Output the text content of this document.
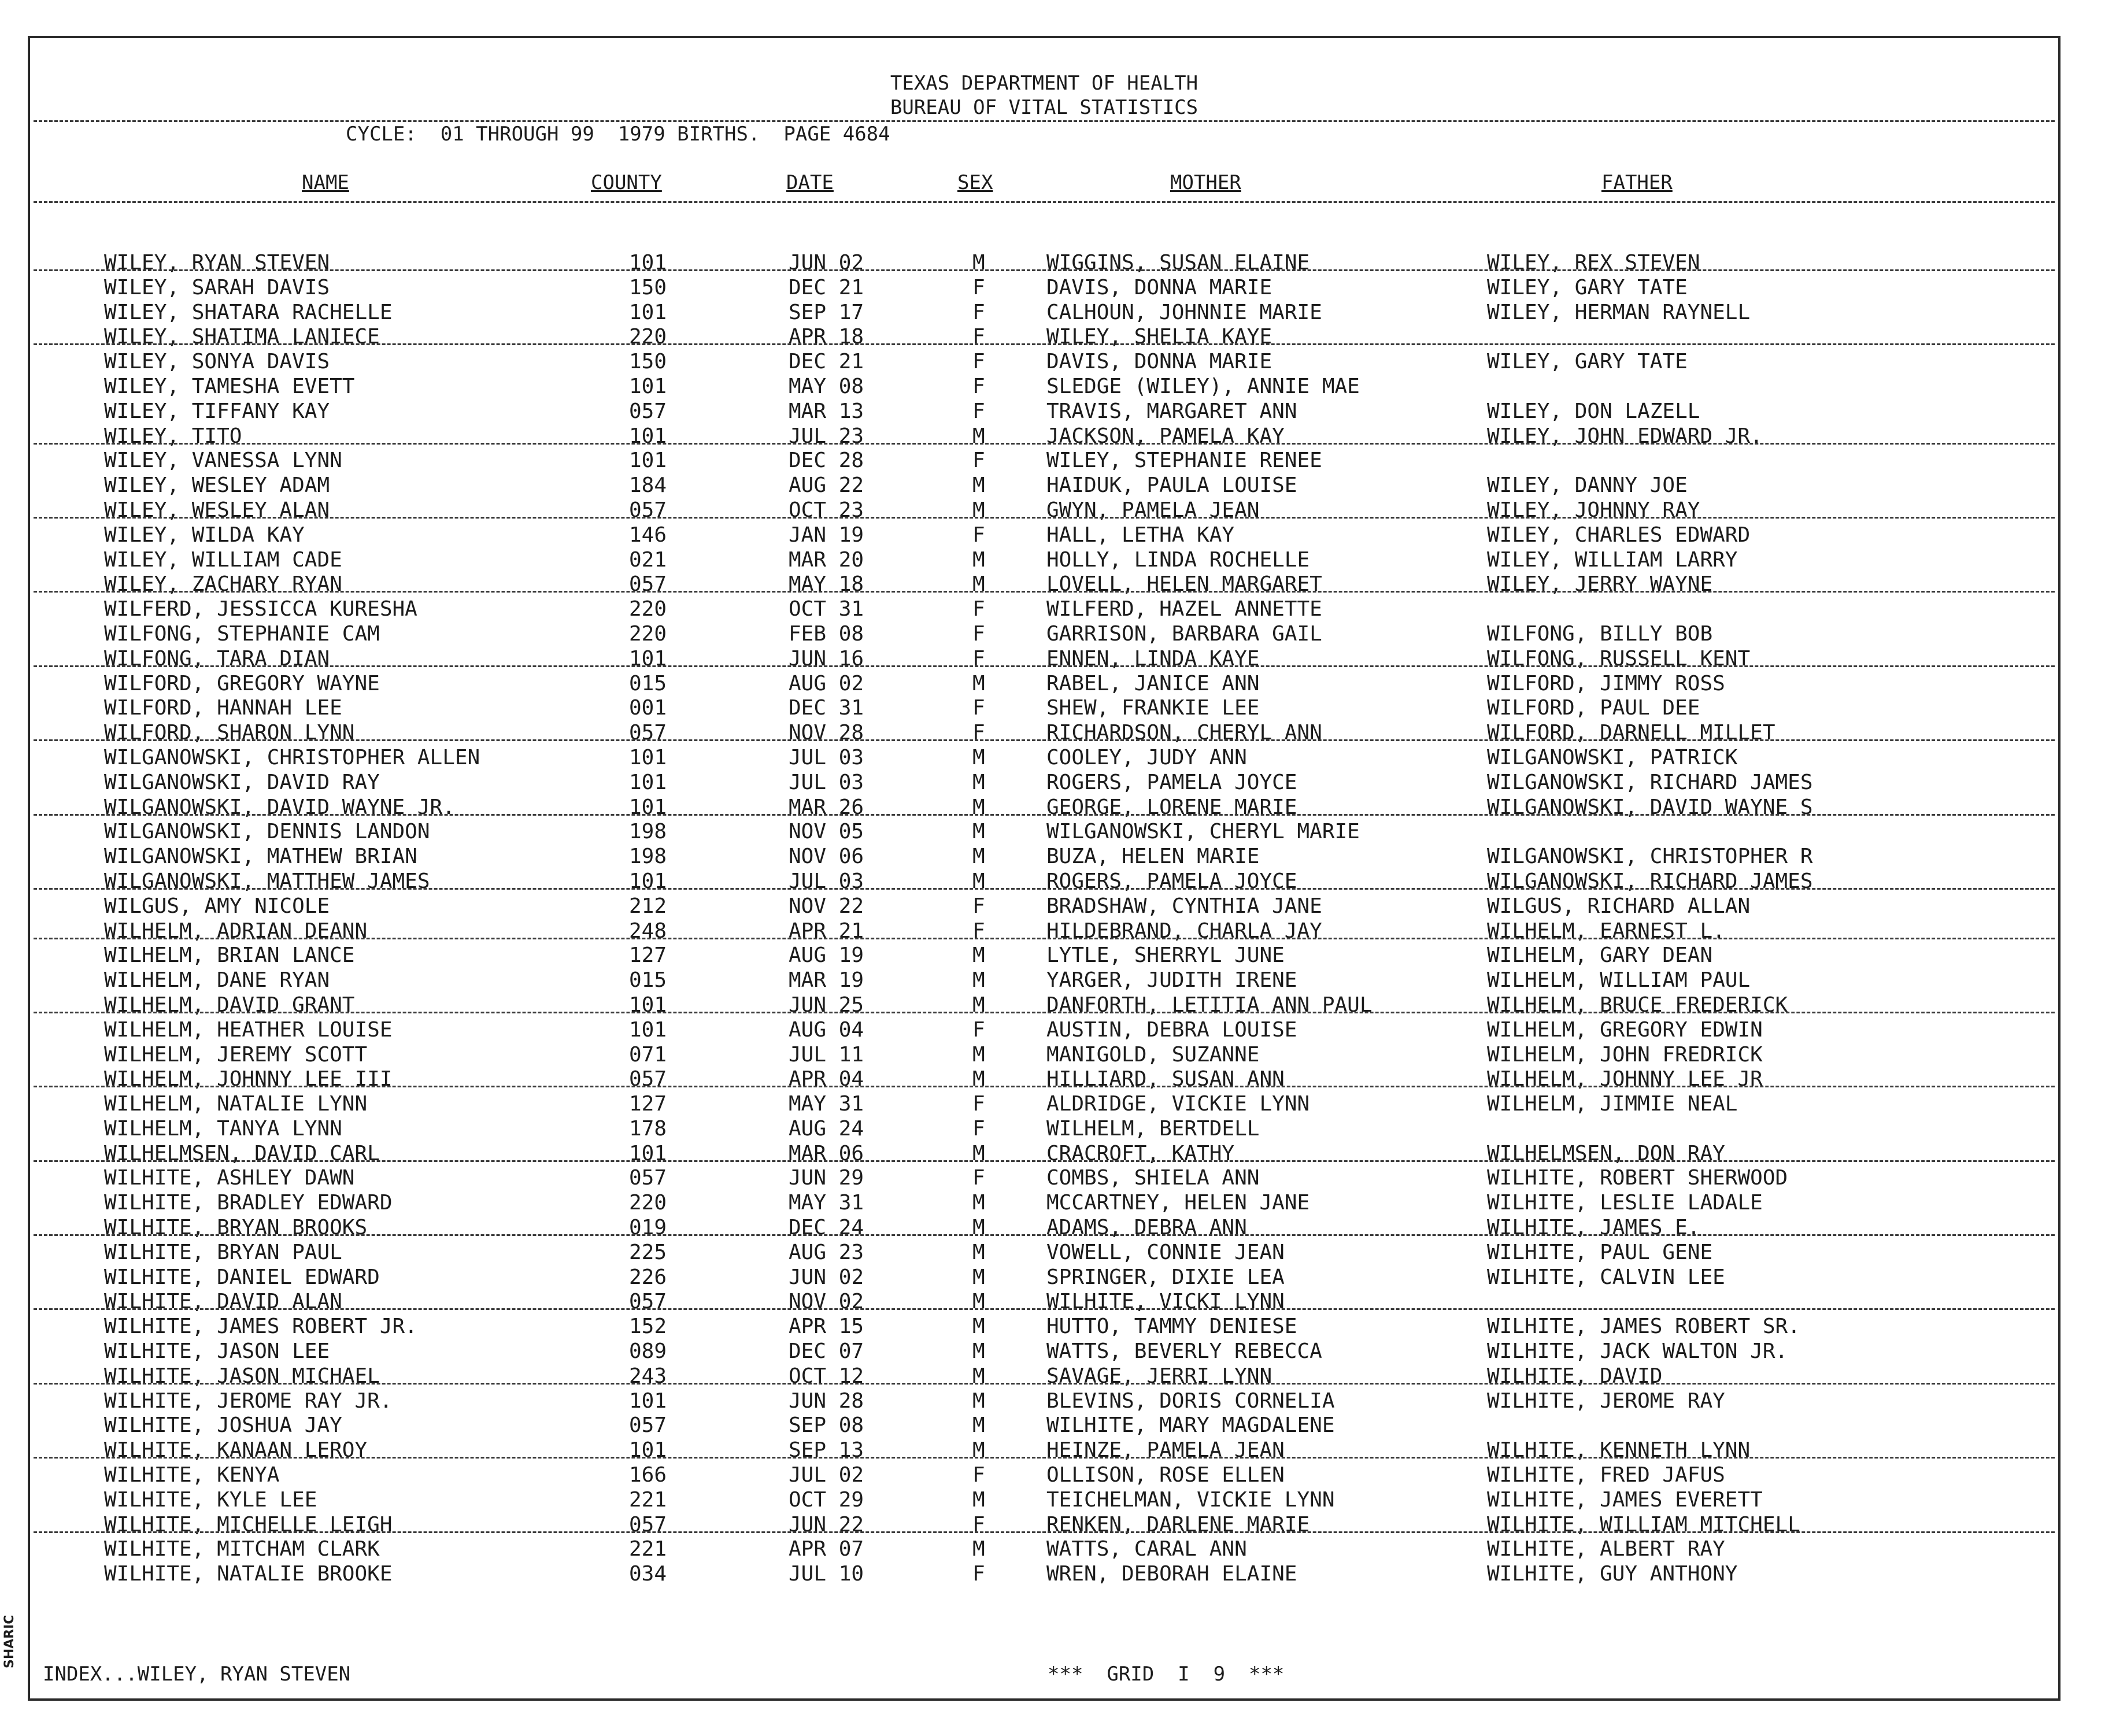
TEXAS DEPARTMENT OF HEALTH
BUREAU OF VITAL STATISTICS
CYCLE:  01 THROUGH 99  1979 BIRTHS.  PAGE 4684
NAME	COUNTY	DATE	SEX	MOTHER	FATHER
WILEY, RYAN STEVEN	101	JUN 02	M	WIGGINS, SUSAN ELAINE	WILEY, REX STEVEN
WILEY, SARAH DAVIS	150	DEC 21	F	DAVIS, DONNA MARIE	WILEY, GARY TATE
WILEY, SHATARA RACHELLE	101	SEP 17	F	CALHOUN, JOHNNIE MARIE	WILEY, HERMAN RAYNELL
WILEY, SHATIMA LANIECE	220	APR 18	F	WILEY, SHELIA KAYE
WILEY, SONYA DAVIS	150	DEC 21	F	DAVIS, DONNA MARIE	WILEY, GARY TATE
WILEY, TAMESHA EVETT	101	MAY 08	F	SLEDGE (WILEY), ANNIE MAE
WILEY, TIFFANY KAY	057	MAR 13	F	TRAVIS, MARGARET ANN	WILEY, DON LAZELL
WILEY, TITO	101	JUL 23	M	JACKSON, PAMELA KAY	WILEY, JOHN EDWARD JR.
WILEY, VANESSA LYNN	101	DEC 28	F	WILEY, STEPHANIE RENEE
WILEY, WESLEY ADAM	184	AUG 22	M	HAIDUK, PAULA LOUISE	WILEY, DANNY JOE
WILEY, WESLEY ALAN	057	OCT 23	M	GWYN, PAMELA JEAN	WILEY, JOHNNY RAY
WILEY, WILDA KAY	146	JAN 19	F	HALL, LETHA KAY	WILEY, CHARLES EDWARD
WILEY, WILLIAM CADE	021	MAR 20	M	HOLLY, LINDA ROCHELLE	WILEY, WILLIAM LARRY
WILEY, ZACHARY RYAN	057	MAY 18	M	LOVELL, HELEN MARGARET	WILEY, JERRY WAYNE
WILFERD, JESSICCA KURESHA	220	OCT 31	F	WILFERD, HAZEL ANNETTE
WILFONG, STEPHANIE CAM	220	FEB 08	F	GARRISON, BARBARA GAIL	WILFONG, BILLY BOB
WILFONG, TARA DIAN	101	JUN 16	F	ENNEN, LINDA KAYE	WILFONG, RUSSELL KENT
WILFORD, GREGORY WAYNE	015	AUG 02	M	RABEL, JANICE ANN	WILFORD, JIMMY ROSS
WILFORD, HANNAH LEE	001	DEC 31	F	SHEW, FRANKIE LEE	WILFORD, PAUL DEE
WILFORD, SHARON LYNN	057	NOV 28	F	RICHARDSON, CHERYL ANN	WILFORD, DARNELL MILLET
WILGANOWSKI, CHRISTOPHER ALLEN	101	JUL 03	M	COOLEY, JUDY ANN	WILGANOWSKI, PATRICK
WILGANOWSKI, DAVID RAY	101	JUL 03	M	ROGERS, PAMELA JOYCE	WILGANOWSKI, RICHARD JAMES
WILGANOWSKI, DAVID WAYNE JR.	101	MAR 26	M	GEORGE, LORENE MARIE	WILGANOWSKI, DAVID WAYNE S
WILGANOWSKI, DENNIS LANDON	198	NOV 05	M	WILGANOWSKI, CHERYL MARIE
WILGANOWSKI, MATHEW BRIAN	198	NOV 06	M	BUZA, HELEN MARIE	WILGANOWSKI, CHRISTOPHER R
WILGANOWSKI, MATTHEW JAMES	101	JUL 03	M	ROGERS, PAMELA JOYCE	WILGANOWSKI, RICHARD JAMES
WILGUS, AMY NICOLE	212	NOV 22	F	BRADSHAW, CYNTHIA JANE	WILGUS, RICHARD ALLAN
WILHELM, ADRIAN DEANN	248	APR 21	F	HILDEBRAND, CHARLA JAY	WILHELM, EARNEST L.
WILHELM, BRIAN LANCE	127	AUG 19	M	LYTLE, SHERRYL JUNE	WILHELM, GARY DEAN
WILHELM, DANE RYAN	015	MAR 19	M	YARGER, JUDITH IRENE	WILHELM, WILLIAM PAUL
WILHELM, DAVID GRANT	101	JUN 25	M	DANFORTH, LETITIA ANN PAUL	WILHELM, BRUCE FREDERICK
WILHELM, HEATHER LOUISE	101	AUG 04	F	AUSTIN, DEBRA LOUISE	WILHELM, GREGORY EDWIN
WILHELM, JEREMY SCOTT	071	JUL 11	M	MANIGOLD, SUZANNE	WILHELM, JOHN FREDRICK
WILHELM, JOHNNY LEE III	057	APR 04	M	HILLIARD, SUSAN ANN	WILHELM, JOHNNY LEE JR
WILHELM, NATALIE LYNN	127	MAY 31	F	ALDRIDGE, VICKIE LYNN	WILHELM, JIMMIE NEAL
WILHELM, TANYA LYNN	178	AUG 24	F	WILHELM, BERTDELL
WILHELMSEN, DAVID CARL	101	MAR 06	M	CRACROFT, KATHY	WILHELMSEN, DON RAY
WILHITE, ASHLEY DAWN	057	JUN 29	F	COMBS, SHIELA ANN	WILHITE, ROBERT SHERWOOD
WILHITE, BRADLEY EDWARD	220	MAY 31	M	MCCARTNEY, HELEN JANE	WILHITE, LESLIE LADALE
WILHITE, BRYAN BROOKS	019	DEC 24	M	ADAMS, DEBRA ANN	WILHITE, JAMES E.
WILHITE, BRYAN PAUL	225	AUG 23	M	VOWELL, CONNIE JEAN	WILHITE, PAUL GENE
WILHITE, DANIEL EDWARD	226	JUN 02	M	SPRINGER, DIXIE LEA	WILHITE, CALVIN LEE
WILHITE, DAVID ALAN	057	NOV 02	M	WILHITE, VICKI LYNN
WILHITE, JAMES ROBERT JR.	152	APR 15	M	HUTTO, TAMMY DENIESE	WILHITE, JAMES ROBERT SR.
WILHITE, JASON LEE	089	DEC 07	M	WATTS, BEVERLY REBECCA	WILHITE, JACK WALTON JR.
WILHITE, JASON MICHAEL	243	OCT 12	M	SAVAGE, JERRI LYNN	WILHITE, DAVID
WILHITE, JEROME RAY JR.	101	JUN 28	M	BLEVINS, DORIS CORNELIA	WILHITE, JEROME RAY
WILHITE, JOSHUA JAY	057	SEP 08	M	WILHITE, MARY MAGDALENE
WILHITE, KANAAN LEROY	101	SEP 13	M	HEINZE, PAMELA JEAN	WILHITE, KENNETH LYNN
WILHITE, KENYA	166	JUL 02	F	OLLISON, ROSE ELLEN	WILHITE, FRED JAFUS
WILHITE, KYLE LEE	221	OCT 29	M	TEICHELMAN, VICKIE LYNN	WILHITE, JAMES EVERETT
WILHITE, MICHELLE LEIGH	057	JUN 22	F	RENKEN, DARLENE MARIE	WILHITE, WILLIAM MITCHELL
WILHITE, MITCHAM CLARK	221	APR 07	M	WATTS, CARAL ANN	WILHITE, ALBERT RAY
WILHITE, NATALIE BROOKE	034	JUL 10	F	WREN, DEBORAH ELAINE	WILHITE, GUY ANTHONY
INDEX...WILEY, RYAN STEVEN	***  GRID  I  9  ***
SHARIC
